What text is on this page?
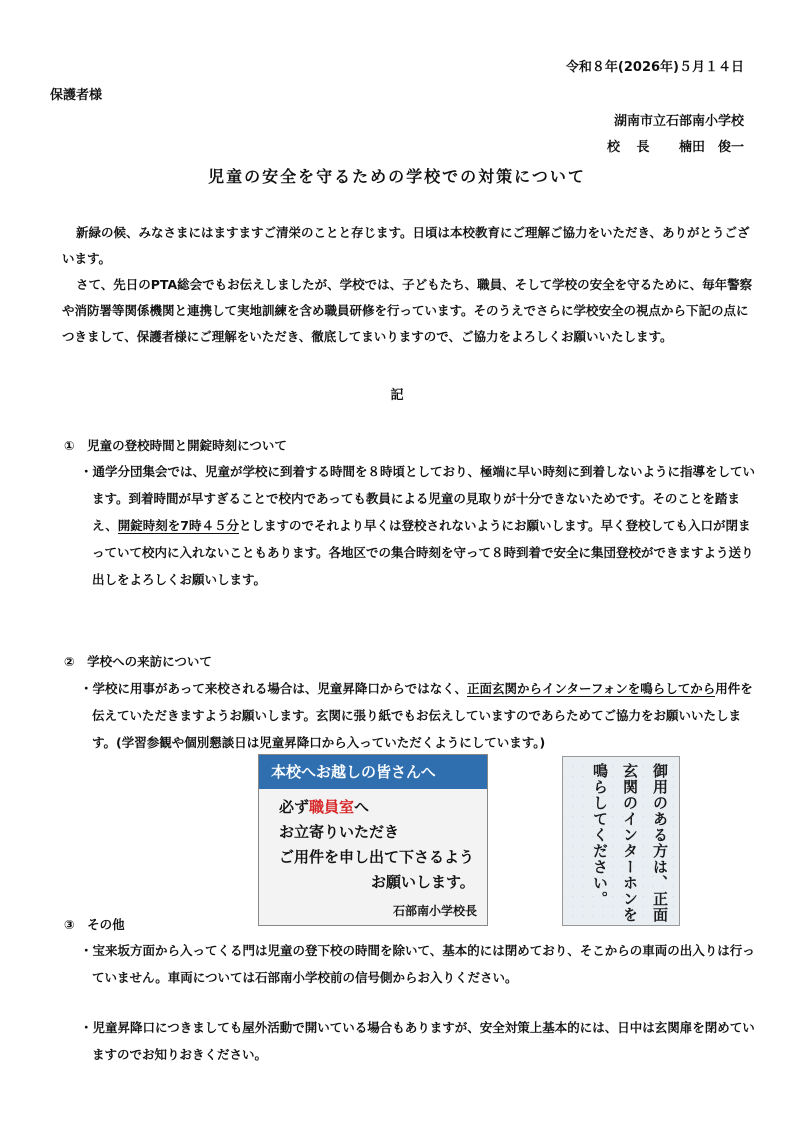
令和８年(2026年)５月１４日
保護者様
湖南市立石部南小学校
校 長　 楠田　俊一
児童の安全を守るための学校での対策について
新緑の候、みなさまにはますますご清栄のことと存じます。日頃は本校教育にご理解ご協力をいただき、ありがとうございます。
さて、先日のPTA総会でもお伝えしましたが、学校では、子どもたち、職員、そして学校の安全を守るために、毎年警察や消防署等関係機関と連携して実地訓練を含め職員研修を行っています。そのうえでさらに学校安全の視点から下記の点につきまして、保護者様にご理解をいただき、徹底してまいりますので、ご協力をよろしくお願いいたします。
記
①　児童の登校時間と開錠時刻について
・通学分団集会では、児童が学校に到着する時間を８時頃としており、極端に早い時刻に到着しないように指導をしています。到着時間が早すぎることで校内であっても教員による児童の見取りが十分できないためです。そのことを踏まえ、開錠時刻を7時４５分としますのでそれより早くは登校されないようにお願いします。早く登校しても入口が閉まっていて校内に入れないこともあります。各地区での集合時刻を守って８時到着で安全に集団登校ができますよう送り出しをよろしくお願いします。
②　学校への来訪について
・学校に用事があって来校される場合は、児童昇降口からではなく、正面玄関からインターフォンを鳴らしてから用件を伝えていただきますようお願いします。玄関に張り紙でもお伝えしていますのであらためてご協力をお願いいたします。(学習参観や個別懇談日は児童昇降口から入っていただくようにしています。)
本校へお越しの皆さんへ
必ず職員室へ
お立寄りいただき
ご用件を申し出て下さるよう
お願いします。
石部南小学校長	御用のある方は、正面
玄関のインターホンを
鳴らしてください。
③　その他
・宝来坂方面から入ってくる門は児童の登下校の時間を除いて、基本的には閉めており、そこからの車両の出入りは行っていません。車両については石部南小学校前の信号側からお入りください。
・児童昇降口につきましても屋外活動で開いている場合もありますが、安全対策上基本的には、日中は玄関扉を閉めていますのでお知りおきください。
